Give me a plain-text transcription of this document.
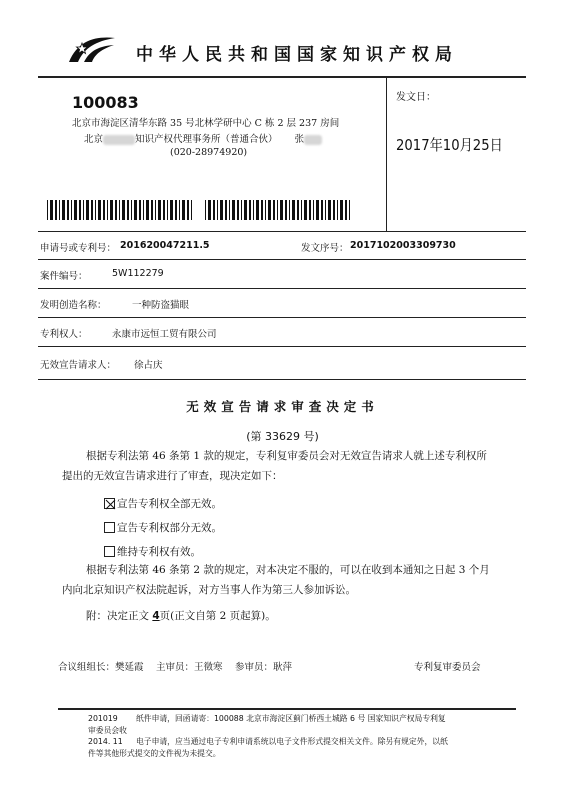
中华人民共和国国家知识产权局
100083
北京市海淀区清华东路 35 号北林学研中心 C 栋 2 层 237 房间
北京	知识产权代理事务所（普通合伙） 张
(020-28974920)
发文日：
2017年10月25日
申请号或专利号： 201620047211.5	发文序号： 2017102003309730
案件编号：	5W112279
发明创造名称：	一种防盗猫眼
专利权人：	永康市远恒工贸有限公司
无效宣告请求人： 徐占庆
无效宣告请求审查决定书
(第 33629 号)
根据专利法第 46 条第 1 款的规定，专利复审委员会对无效宣告请求人就上述专利权所
提出的无效宣告请求进行了审查，现决定如下：
宣告专利权全部无效。
宣告专利权部分无效。
维持专利权有效。
根据专利法第 46 条第 2 款的规定，对本决定不服的，可以在收到本通知之日起 3 个月
内向北京知识产权法院起诉，对方当事人作为第三人参加诉讼。
附：决定正文 4页(正文自第 2 页起算)。
合议组组长：樊延霞　 主审员：王徵寒　 参审员：耿萍	专利复审委员会
201019 纸件申请，回函请寄：100088 北京市海淀区蓟门桥西土城路 6 号 国家知识产权局专利复
审委员会收
2014. 11 电子申请，应当通过电子专利申请系统以电子文件形式提交相关文件。除另有规定外，以纸
件等其他形式提交的文件视为未提交。
